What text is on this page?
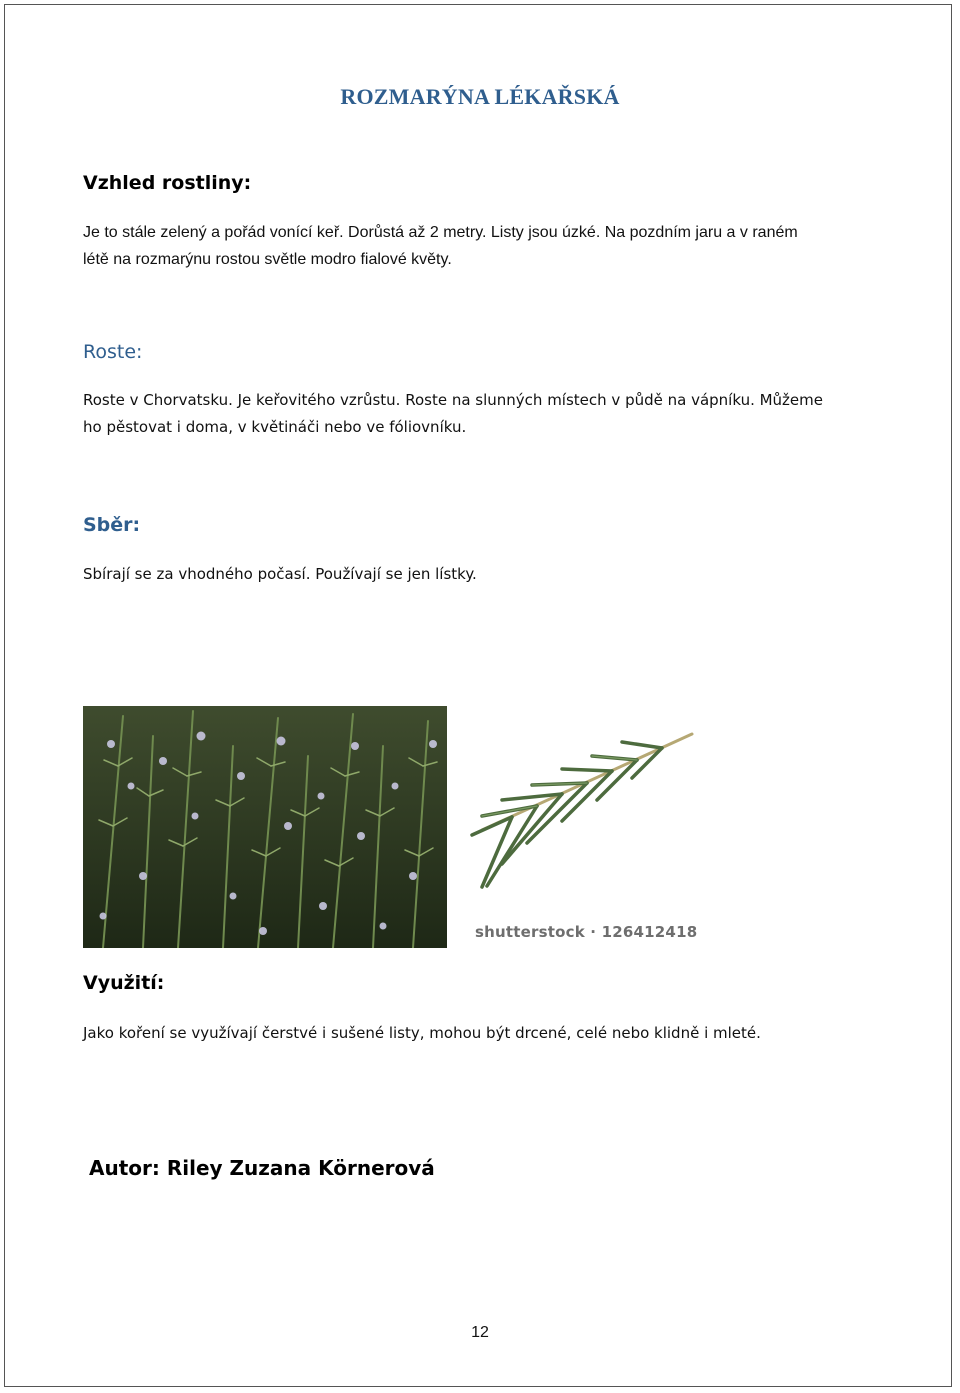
ROZMARÝNA LÉKAŘSKÁ
Vzhled rostliny:
Je to stále zelený a pořád vonící keř. Dorůstá až 2 metry. Listy jsou úzké. Na pozdním jaru a v raném
létě na rozmarýnu rostou světle modro fialové květy.
Roste:
Roste v Chorvatsku. Je keřovitého vzrůstu. Roste na slunných místech v půdě na vápníku. Můžeme
ho pěstovat i doma, v květináči nebo ve fóliovníku.
Sběr:
Sbírají se za vhodného počasí. Používají se jen lístky.
shutterstock · 126412418
Využití:
Jako koření se využívají čerstvé i sušené listy, mohou být drcené, celé nebo klidně i mleté.
Autor: Riley Zuzana Körnerová
12
